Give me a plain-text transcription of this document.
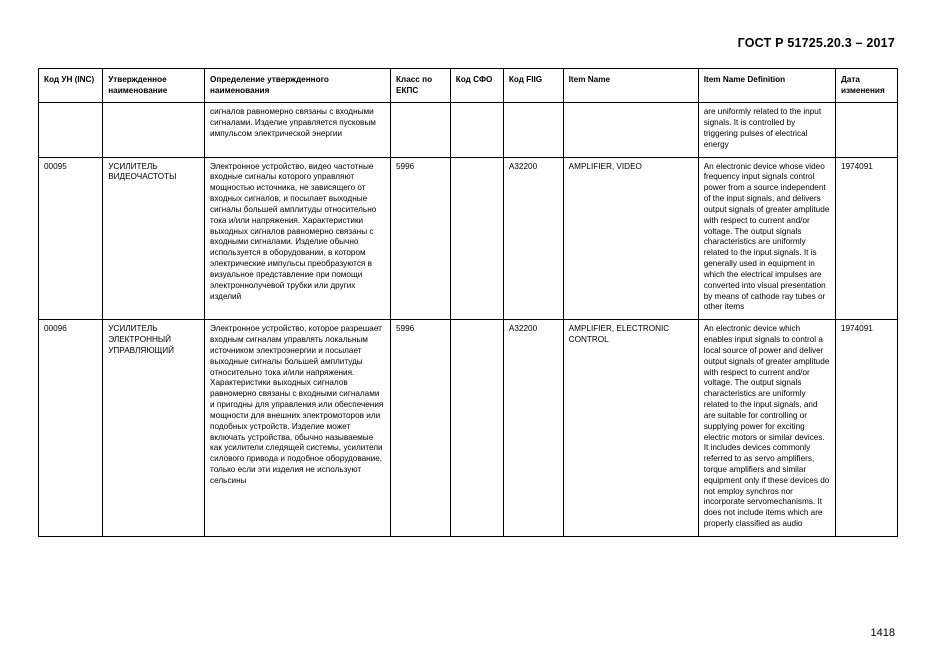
ГОСТ Р 51725.20.3 – 2017
Код УН (INC)	Утвержденное наименование	Определение утвержденного наименования	Класс по ЕКПС	Код СФО	Код FIIG	Item Name	Item Name Definition	Дата изменения
		сигналов равномерно связаны с входными сигналами. Изделие управляется пусковым импульсом электрической энергии					are uniformly related to the input signals. It is controlled by triggering pulses of electrical energy	
00095	УСИЛИТЕЛЬ ВИДЕОЧАСТОТЫ	Электронное устройство, видео частотные входные сигналы которого управляют мощностью источника, не зависящего от входных сигналов, и посылает выходные сигналы большей амплитуды относительно тока и/или напряжения. Характеристики выходных сигналов равномерно связаны с входными сигналами. Изделие обычно используется в оборудовании, в котором электрические импульсы преобразуются в визуальное представление при помощи электроннолучевой трубки или других изделий	5996		A32200	AMPLIFIER, VIDEO	An electronic device whose video frequency input signals control power from a source independent of the input signals, and delivers output signals of greater amplitude with respect to current and/or voltage. The output signals characteristics are uniformly related to the input signals. It is generally used in equipment in which the electrical impulses are converted into visual presentation by means of cathode ray tubes or other items	1974091
00096	УСИЛИТЕЛЬ ЭЛЕКТРОННЫЙ УПРАВЛЯЮЩИЙ	Электронное устройство, которое разрешает входным сигналам управлять локальным источником электроэнергии и посылает выходные сигналы большей амплитуды относительно тока и/или напряжения. Характеристики выходных сигналов равномерно связаны с входными сигналами и пригодны для управления или обеспечения мощности для внешних электромоторов или подобных устройств. Изделие может включать устройства, обычно называемые как усилители следящей системы, усилители силового привода и подобное оборудование, только если эти изделия не используют сельсины	5996		A32200	AMPLIFIER, ELECTRONIC CONTROL	An electronic device which enables input signals to control a local source of power and deliver output signals of greater amplitude with respect to current and/or voltage. The output signals characteristics are uniformly related to the input signals, and are suitable for controlling or supplying power for exciting electric motors or similar devices. It includes devices commonly referred to as servo amplifiers, torque amplifiers and similar equipment only if these devices do not employ synchros nor incorporate servomechanisms. It does not include items which are properly classified as audio	1974091
1418
